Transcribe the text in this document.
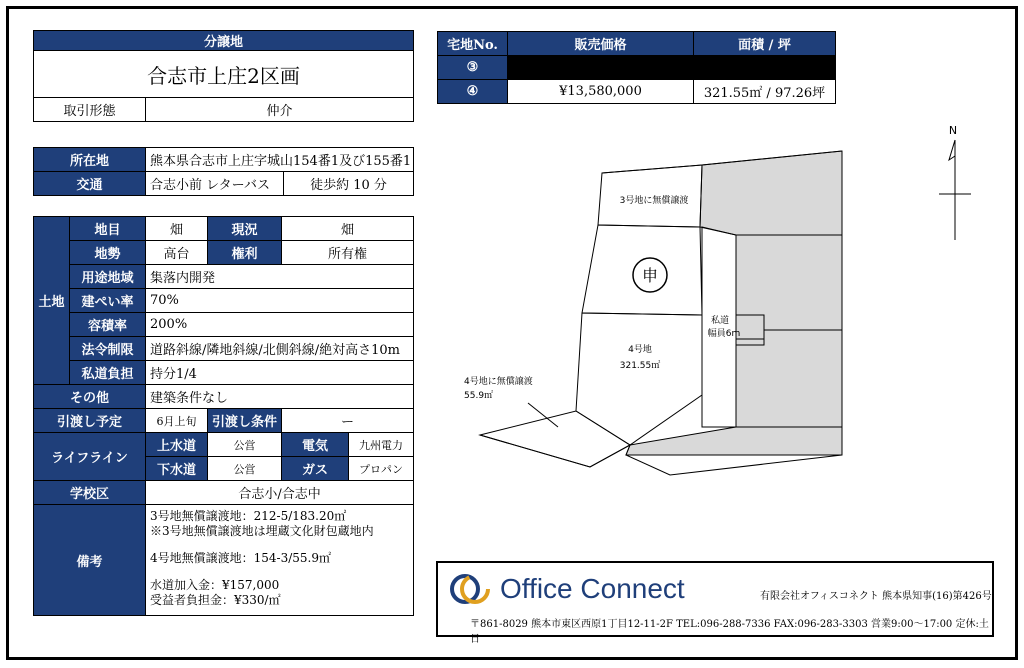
分譲地
合志市上庄2区画
取引形態	仲介
宅地No.	販売価格	面積 / 坪
③		
④	¥13,580,000	321.55㎡ / 97.26坪
所在地	熊本県合志市上庄字城山154番1及び155番1	
交通	合志小前 レターバス	徒歩約 10 分
土地	地目	畑	現況	畑	
	地勢	高台	権利	所有権	
	用途地域	集落内開発			
	建ぺい率	70%			
	容積率	200%			
	法令制限	道路斜線/隣地斜線/北側斜線/絶対高さ10m			
	私道負担	持分1/4			
その他		建築条件なし			
引渡し予定		6月上旬	引渡し条件	ー	
ライフライン		上水道	公営	電気	九州電力
		下水道	公営	ガス	プロパン
学校区		合志小/合志中			
備考		3号地無償譲渡地：212-5/183.20㎡
※3号地無償譲渡地は埋蔵文化財包蔵地内
4号地無償譲渡地：154-3/55.9㎡
水道加入金：¥157,000
受益者負担金：¥330/㎡			
申
3号地に無償譲渡
4号地
321.55㎡
私道
幅員6m
4号地に無償譲渡
55.9㎡
N
Office Connect	有限会社オフィスコネクト 熊本県知事(16)第426号
〒861-8029 熊本市東区西原1丁目12-11-2F TEL:096-288-7336 FAX:096-283-3303 営業9:00～17:00 定休:土日
